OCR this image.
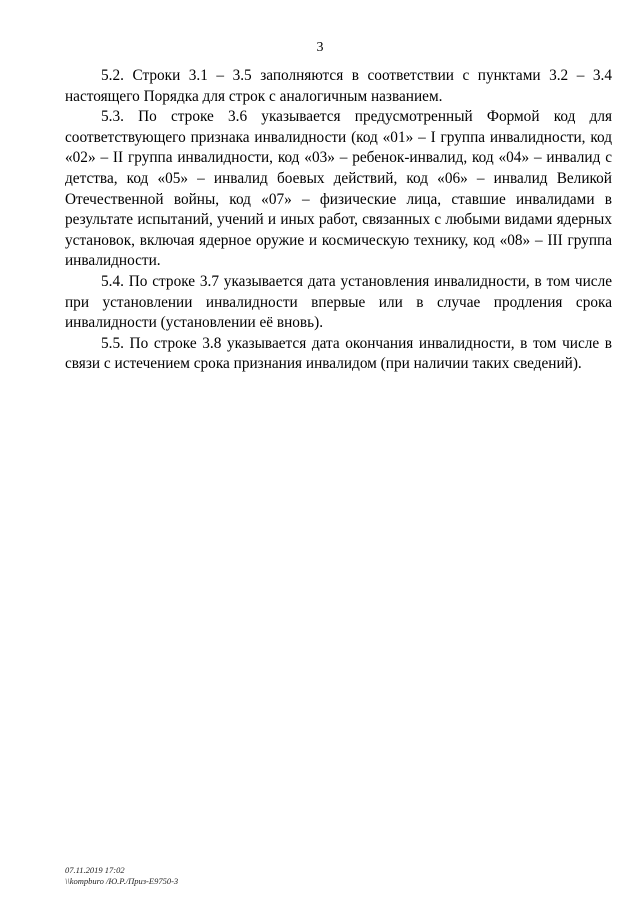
3

5.2. Строки 3.1 – 3.5 заполняются в соответствии с пунктами 3.2 – 3.4 настоящего Порядка для строк с аналогичным названием.

5.3. По строке 3.6 указывается предусмотренный Формой код для соответствующего признака инвалидности (код «01» – I группа инвалидности, код «02» – II группа инвалидности, код «03» – ребенок-инвалид, код «04» – инвалид с детства, код «05» – инвалид боевых действий, код «06» – инвалид Великой Отечественной войны, код «07» – физические лица, ставшие инвалидами в результате испытаний, учений и иных работ, связанных с любыми видами ядерных установок, включая ядерное оружие и космическую технику, код «08» – III группа инвалидности.

5.4. По строке 3.7 указывается дата установления инвалидности, в том числе при установлении инвалидности впервые или в случае продления срока инвалидности (установлении её вновь).

5.5. По строке 3.8 указывается дата окончания инвалидности, в том числе в связи с истечением срока признания инвалидом (при наличии таких сведений).

07.11.2019 17:02
\\kompburo /Ю.Р./Приз-Е9750-3
